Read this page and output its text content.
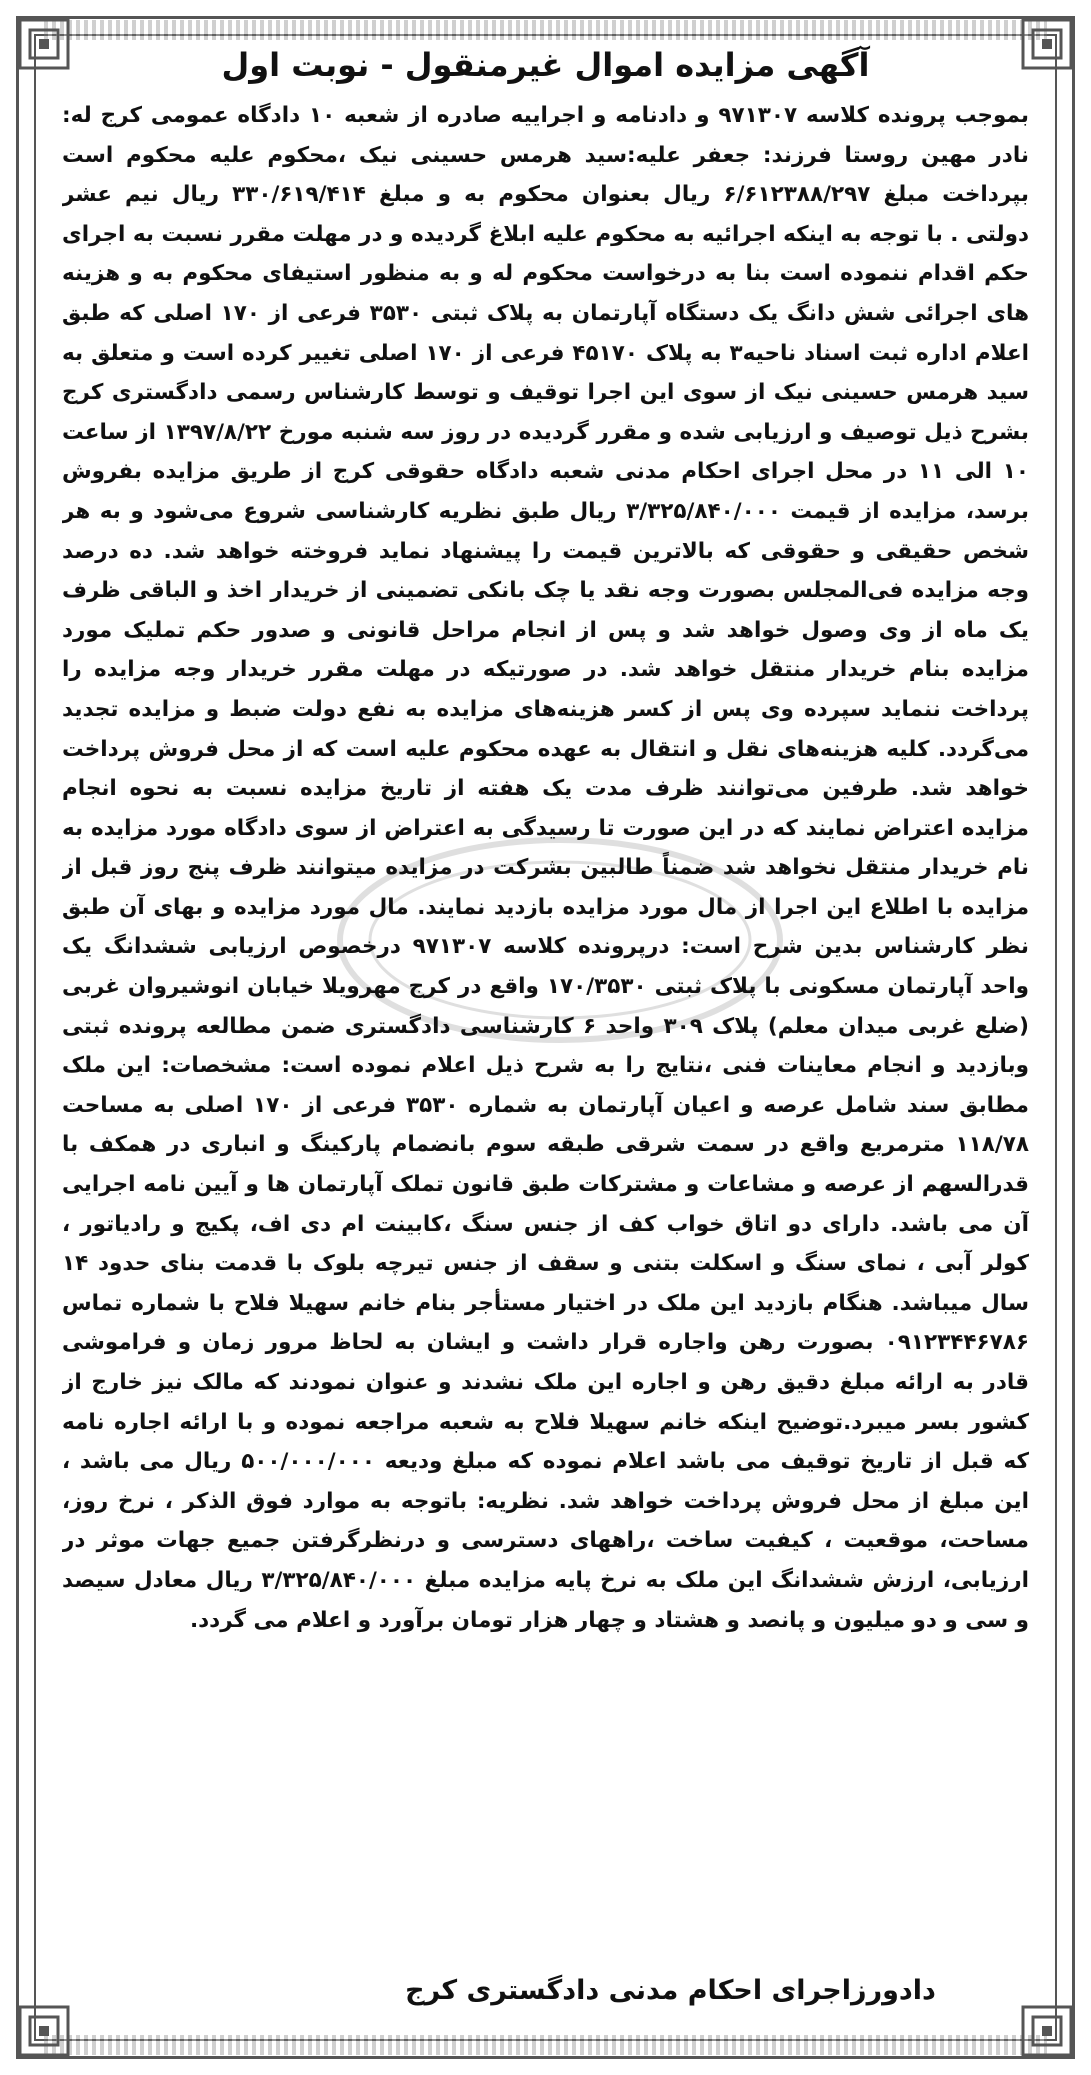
آگهی مزایده اموال غیرمنقول - نوبت اول

بموجب پرونده کلاسه ۹۷۱۳۰۷ و دادنامه و اجراییه صادره از شعبه ۱۰ دادگاه عمومی کرج له: نادر مهین روستا فرزند: جعفر علیه:سید هرمس حسینی نیک ،محکوم علیه محکوم است بپرداخت مبلغ ۶/۶۱۲۳۸۸/۲۹۷ ریال بعنوان محکوم به و مبلغ ۳۳۰/۶۱۹/۴۱۴ ریال نیم عشر دولتی . با توجه به اینکه اجرائیه به محکوم علیه ابلاغ گردیده و در مهلت مقرر نسبت به اجرای حکم اقدام ننموده است بنا به درخواست محکوم له و به منظور استیفای محکوم به و هزینه های اجرائی شش دانگ یک دستگاه آپارتمان به پلاک ثبتی ۳۵۳۰ فرعی از ۱۷۰ اصلی که طبق اعلام اداره ثبت اسناد ناحیه۳ به پلاک ۴۵۱۷۰ فرعی از ۱۷۰ اصلی تغییر کرده است و متعلق به سید هرمس حسینی نیک از سوی این اجرا توقیف و توسط کارشناس رسمی دادگستری کرج بشرح ذیل توصیف و ارزیابی شده و مقرر گردیده در روز سه شنبه مورخ ۱۳۹۷/۸/۲۲ از ساعت ۱۰ الی ۱۱ در محل اجرای احکام مدنی شعبه دادگاه حقوقی کرج از طریق مزایده بفروش برسد، مزایده از قیمت ۳/۳۲۵/۸۴۰/۰۰۰ ریال طبق نظریه کارشناسی شروع می‌شود و به هر شخص حقیقی و حقوقی که بالاترین قیمت را پیشنهاد نماید فروخته خواهد شد. ده درصد وجه مزایده فی‌المجلس بصورت وجه نقد یا چک بانکی تضمینی از خریدار اخذ و الباقی ظرف یک ماه از وی وصول خواهد شد و پس از انجام مراحل قانونی و صدور حکم تملیک مورد مزایده بنام خریدار منتقل خواهد شد. در صورتیکه در مهلت مقرر خریدار وجه مزایده را پرداخت ننماید سپرده وی پس از کسر هزینه‌های مزایده به نفع دولت ضبط و مزایده تجدید می‌گردد. کلیه هزینه‌های نقل و انتقال به عهده محکوم علیه است که از محل فروش پرداخت خواهد شد. طرفین می‌توانند ظرف مدت یک هفته از تاریخ مزایده نسبت به نحوه انجام مزایده اعتراض نمایند که در این صورت تا رسیدگی به اعتراض از سوی دادگاه مورد مزایده به نام خریدار منتقل نخواهد شد ضمناً طالبین بشرکت در مزایده میتوانند ظرف پنج روز قبل از مزایده با اطلاع این اجرا از مال مورد مزایده بازدید نمایند. مال مورد مزایده و بهای آن طبق نظر کارشناس بدین شرح است: درپرونده کلاسه ۹۷۱۳۰۷ درخصوص ارزیابی ششدانگ یک واحد آپارتمان مسکونی با پلاک ثبتی ۱۷۰/۳۵۳۰ واقع در کرج مهرویلا خیابان انوشیروان غربی (ضلع غربی میدان معلم) پلاک ۳۰۹ واحد ۶ کارشناسی دادگستری ضمن مطالعه پرونده ثبتی وبازدید و انجام معاینات فنی ،نتایج را به شرح ذیل اعلام نموده است: مشخصات: این ملک مطابق سند شامل عرصه و اعیان آپارتمان به شماره ۳۵۳۰ فرعی از ۱۷۰ اصلی به مساحت ۱۱۸/۷۸ مترمربع واقع در سمت شرقی طبقه سوم بانضمام پارکینگ و انباری در همکف با قدرالسهم از عرصه و مشاعات و مشترکات طبق قانون تملک آپارتمان ها و آیین نامه اجرایی آن می باشد. دارای دو اتاق خواب کف از جنس سنگ ،کابینت ام دی اف، پکیج و رادیاتور ، کولر آبی ، نمای سنگ و اسکلت بتنی و سقف از جنس تیرچه بلوک با قدمت بنای حدود ۱۴ سال میباشد. هنگام بازدید این ملک در اختیار مستأجر بنام خانم سهیلا فلاح با شماره تماس ۰۹۱۲۳۴۴۶۷۸۶ بصورت رهن واجاره قرار داشت و ایشان به لحاظ مرور زمان و فراموشی قادر به ارائه مبلغ دقیق رهن و اجاره این ملک نشدند و عنوان نمودند که مالک نیز خارج از کشور بسر میبرد.توضیح اینکه خانم سهیلا فلاح به شعبه مراجعه نموده و با ارائه اجاره نامه که قبل از تاریخ توقیف می باشد اعلام نموده که مبلغ ودیعه ۵۰۰/۰۰۰/۰۰۰ ریال می باشد ، این مبلغ از محل فروش پرداخت خواهد شد. نظریه: باتوجه به موارد فوق الذکر ، نرخ روز، مساحت، موقعیت ، کیفیت ساخت ،راههای دسترسی و درنظرگرفتن جمیع جهات موثر در ارزیابی، ارزش ششدانگ این ملک به نرخ پایه مزایده مبلغ ۳/۳۲۵/۸۴۰/۰۰۰ ریال معادل سیصد و سی و دو میلیون و پانصد و هشتاد و چهار هزار تومان برآورد و اعلام می گردد.

دادورزاجرای احکام مدنی دادگستری کرج
